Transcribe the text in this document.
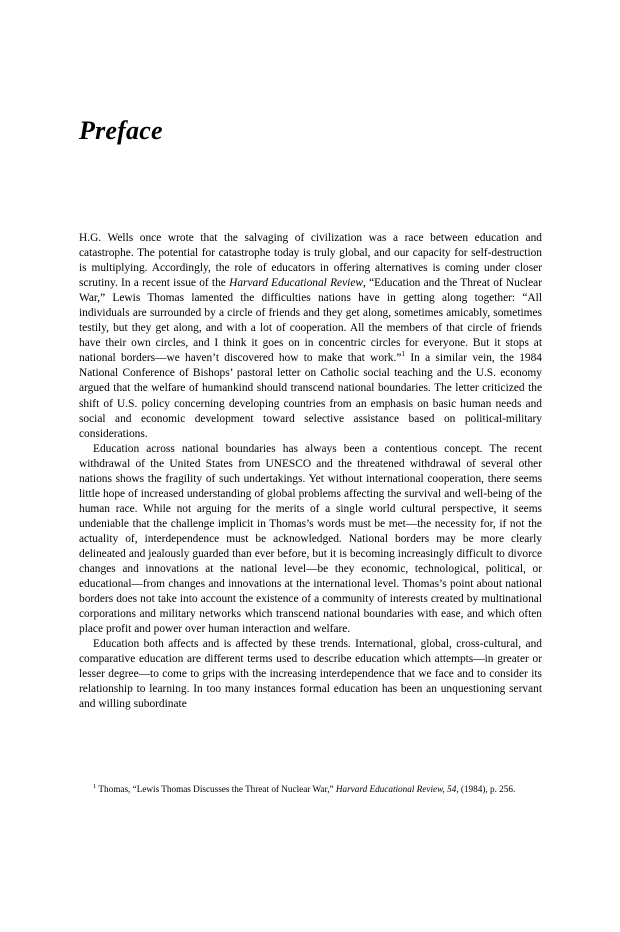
Preface

H.G. Wells once wrote that the salvaging of civilization was a race between education and catastrophe. The potential for catastrophe today is truly global, and our capacity for self-destruction is multiplying. Accordingly, the role of educators in offering alternatives is coming under closer scrutiny. In a recent issue of the Harvard Educational Review, “Education and the Threat of Nuclear War,” Lewis Thomas lamented the difficulties nations have in getting along together: “All individuals are surrounded by a circle of friends and they get along, sometimes amicably, sometimes testily, but they get along, and with a lot of cooperation. All the members of that circle of friends have their own circles, and I think it goes on in concentric circles for everyone. But it stops at national borders—we haven’t discovered how to make that work.”$^1$ In a similar vein, the 1984 National Conference of Bishops’ pastoral letter on Catholic social teaching and the U.S. economy argued that the welfare of humankind should transcend national boundaries. The letter criticized the shift of U.S. policy concerning developing countries from an emphasis on basic human needs and social and economic development toward selective assistance based on political-military considerations.

Education across national boundaries has always been a contentious concept. The recent withdrawal of the United States from UNESCO and the threatened withdrawal of several other nations shows the fragility of such undertakings. Yet without international cooperation, there seems little hope of increased understanding of global problems affecting the survival and well-being of the human race. While not arguing for the merits of a single world cultural perspective, it seems undeniable that the challenge implicit in Thomas’s words must be met—the necessity for, if not the actuality of, interdependence must be acknowledged. National borders may be more clearly delineated and jealously guarded than ever before, but it is becoming increasingly difficult to divorce changes and innovations at the national level—be they economic, technological, political, or educational—from changes and innovations at the international level. Thomas’s point about national borders does not take into account the existence of a community of interests created by multinational corporations and military networks which transcend national boundaries with ease, and which often place profit and power over human interaction and welfare.

Education both affects and is affected by these trends. International, global, cross-cultural, and comparative education are different terms used to describe education which attempts—in greater or lesser degree—to come to grips with the increasing interdependence that we face and to consider its relationship to learning. In too many instances formal education has been an unquestioning servant and willing subordinate

$^1$ Thomas, “Lewis Thomas Discusses the Threat of Nuclear War,” Harvard Educational Review, 54, (1984), p. 256.
